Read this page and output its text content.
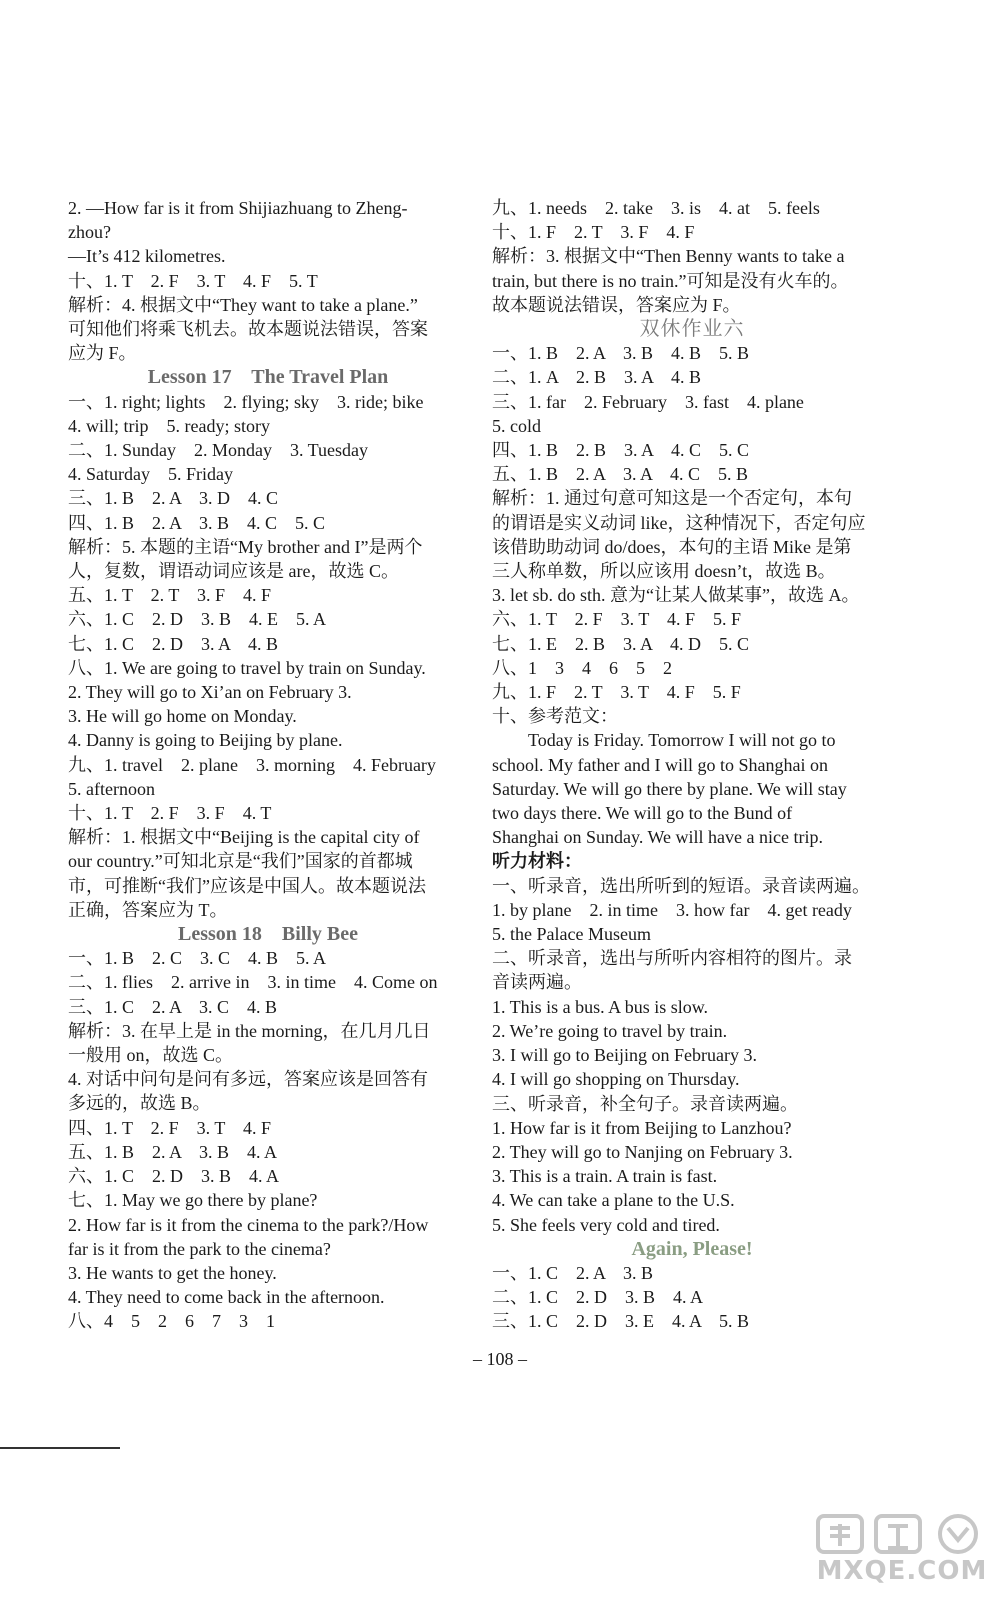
2. —How far is it from Shijiazhuang to Zheng-
zhou?
—It’s 412 kilometres.
十、1. T    2. F    3. T    4. F    5. T
解析：4. 根据文中“They want to take a plane.”
可知他们将乘飞机去。故本题说法错误，答案
应为 F。
Lesson 17    The Travel Plan
一、1. right; lights    2. flying; sky    3. ride; bike
4. will; trip    5. ready; story
二、1. Sunday    2. Monday    3. Tuesday
4. Saturday    5. Friday
三、1. B    2. A    3. D    4. C
四、1. B    2. A    3. B    4. C    5. C
解析：5. 本题的主语“My brother and I”是两个
人，复数，谓语动词应该是 are，故选 C。
五、1. T    2. T    3. F    4. F
六、1. C    2. D    3. B    4. E    5. A
七、1. C    2. D    3. A    4. B
八、1. We are going to travel by train on Sunday.
2. They will go to Xi’an on February 3.
3. He will go home on Monday.
4. Danny is going to Beijing by plane.
九、1. travel    2. plane    3. morning    4. February
5. afternoon
十、1. T    2. F    3. F    4. T
解析：1. 根据文中“Beijing is the capital city of
our country.”可知北京是“我们”国家的首都城
市，可推断“我们”应该是中国人。故本题说法
正确，答案应为 T。
Lesson 18    Billy Bee
一、1. B    2. C    3. C    4. B    5. A
二、1. flies    2. arrive in    3. in time    4. Come on
三、1. C    2. A    3. C    4. B
解析：3. 在早上是 in the morning，在几月几日
一般用 on，故选 C。
4. 对话中问句是问有多远，答案应该是回答有
多远的，故选 B。
四、1. T    2. F    3. T    4. F
五、1. B    2. A    3. B    4. A
六、1. C    2. D    3. B    4. A
七、1. May we go there by plane?
2. How far is it from the cinema to the park?/How
far is it from the park to the cinema?
3. He wants to get the honey.
4. They need to come back in the afternoon.
八、4    5    2    6    7    3    1
九、1. needs    2. take    3. is    4. at    5. feels
十、1. F    2. T    3. F    4. F
解析：3. 根据文中“Then Benny wants to take a
train, but there is no train.”可知是没有火车的。
故本题说法错误，答案应为 F。
双休作业六
一、1. B    2. A    3. B    4. B    5. B
二、1. A    2. B    3. A    4. B
三、1. far    2. February    3. fast    4. plane
5. cold
四、1. B    2. B    3. A    4. C    5. C
五、1. B    2. A    3. A    4. C    5. B
解析：1. 通过句意可知这是一个否定句，本句
的谓语是实义动词 like，这种情况下，否定句应
该借助助动词 do/does，本句的主语 Mike 是第
三人称单数，所以应该用 doesn’t，故选 B。
3. let sb. do sth. 意为“让某人做某事”，故选 A。
六、1. T    2. F    3. T    4. F    5. F
七、1. E    2. B    3. A    4. D    5. C
八、1    3    4    6    5    2
九、1. F    2. T    3. T    4. F    5. F
十、参考范文：
Today is Friday. Tomorrow I will not go to
school. My father and I will go to Shanghai on
Saturday. We will go there by plane. We will stay
two days there. We will go to the Bund of
Shanghai on Sunday. We will have a nice trip.
听力材料：
一、听录音，选出所听到的短语。录音读两遍。
1. by plane    2. in time    3. how far    4. get ready
5. the Palace Museum
二、听录音，选出与所听内容相符的图片。录
音读两遍。
1. This is a bus. A bus is slow.
2. We’re going to travel by train.
3. I will go to Beijing on February 3.
4. I will go shopping on Thursday.
三、听录音，补全句子。录音读两遍。
1. How far is it from Beijing to Lanzhou?
2. They will go to Nanjing on February 3.
3. This is a train. A train is fast.
4. We can take a plane to the U.S.
5. She feels very cold and tired.
Again, Please!
一、1. C    2. A    3. B
二、1. C    2. D    3. B    4. A
三、1. C    2. D    3. E    4. A    5. B
– 108 –
MXQE.COM
